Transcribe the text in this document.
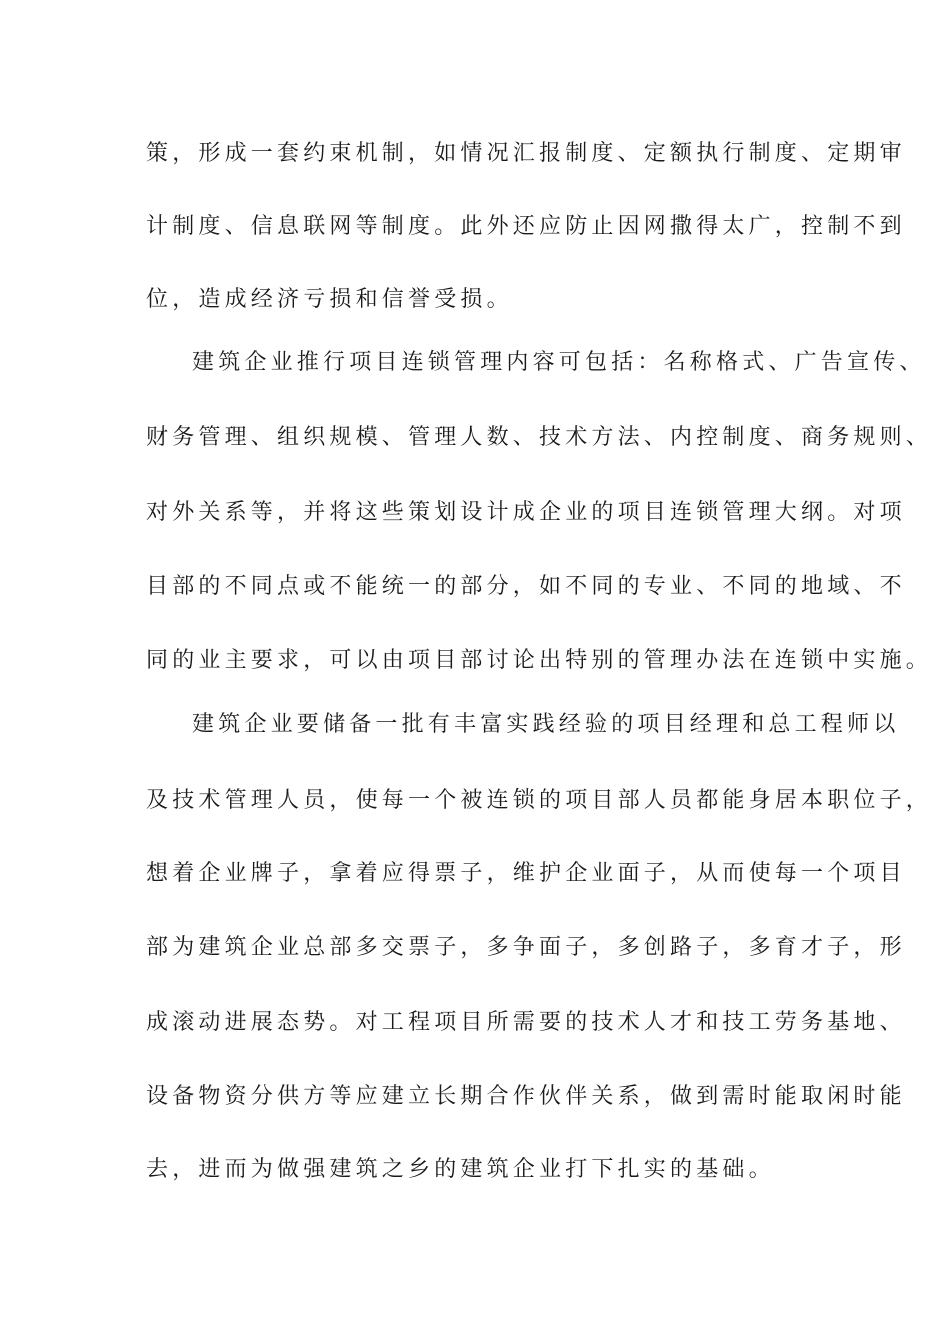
策，形成一套约束机制，如情况汇报制度、定额执行制度、定期审

计制度、信息联网等制度。此外还应防止因网撒得太广，控制不到

位，造成经济亏损和信誉受损。

建筑企业推行项目连锁管理内容可包括：名称格式、广告宣传、

财务管理、组织规模、管理人数、技术方法、内控制度、商务规则、

对外关系等，并将这些策划设计成企业的项目连锁管理大纲。对项

目部的不同点或不能统一的部分，如不同的专业、不同的地域、不

同的业主要求，可以由项目部讨论出特别的管理办法在连锁中实施。

建筑企业要储备一批有丰富实践经验的项目经理和总工程师以

及技术管理人员，使每一个被连锁的项目部人员都能身居本职位子，

想着企业牌子，拿着应得票子，维护企业面子，从而使每一个项目

部为建筑企业总部多交票子，多争面子，多创路子，多育才子，形

成滚动进展态势。对工程项目所需要的技术人才和技工劳务基地、

设备物资分供方等应建立长期合作伙伴关系，做到需时能取闲时能

去，进而为做强建筑之乡的建筑企业打下扎实的基础。
